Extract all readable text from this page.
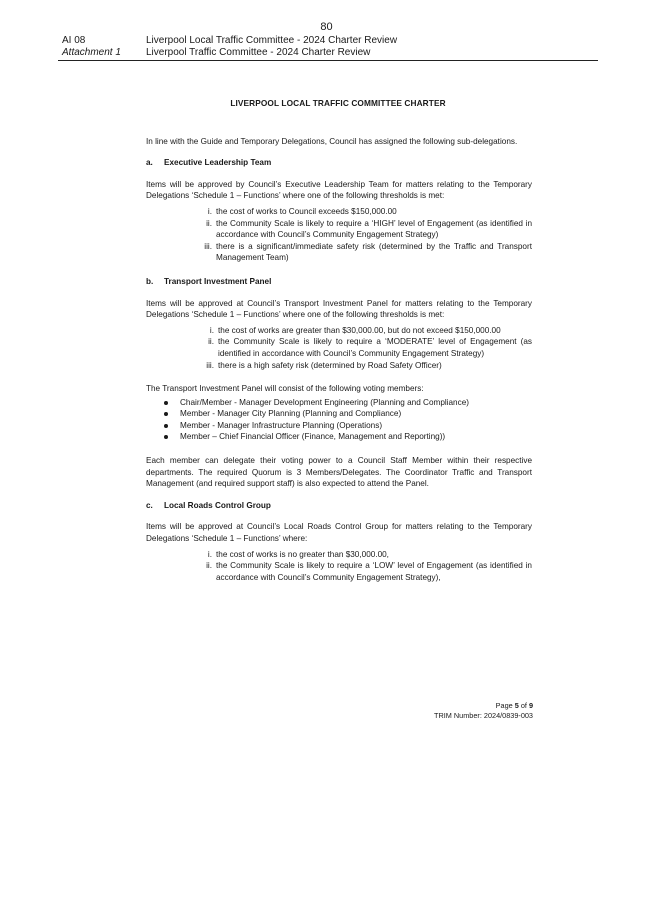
80
AI 08	Liverpool Local Traffic Committee - 2024 Charter Review
Attachment 1	Liverpool Traffic Committee - 2024 Charter Review
LIVERPOOL LOCAL TRAFFIC COMMITTEE CHARTER

In line with the Guide and Temporary Delegations, Council has assigned the following sub-delegations.

a. Executive Leadership Team

Items will be approved by Council’s Executive Leadership Team for matters relating to the Temporary Delegations ‘Schedule 1 – Functions’ where one of the following thresholds is met:

i. the cost of works to Council exceeds $150,000.00
ii. the Community Scale is likely to require a ‘HIGH’ level of Engagement (as identified in accordance with Council’s Community Engagement Strategy)
iii. there is a significant/immediate safety risk (determined by the Traffic and Transport Management Team)
b. Transport Investment Panel

Items will be approved at Council’s Transport Investment Panel for matters relating to the Temporary Delegations ‘Schedule 1 – Functions’ where one of the following thresholds is met:

i. the cost of works are greater than $30,000.00, but do not exceed $150,000.00
ii. the Community Scale is likely to require a ‘MODERATE’ level of Engagement (as identified in accordance with Council’s Community Engagement Strategy)
iii. there is a high safety risk (determined by Road Safety Officer)

The Transport Investment Panel will consist of the following voting members:

Chair/Member - Manager Development Engineering (Planning and Compliance)
Member - Manager City Planning (Planning and Compliance)
Member - Manager Infrastructure Planning (Operations)
Member – Chief Financial Officer (Finance, Management and Reporting))

Each member can delegate their voting power to a Council Staff Member within their respective departments. The required Quorum is 3 Members/Delegates. The Coordinator Traffic and Transport Management (and required support staff) is also expected to attend the Panel.

c. Local Roads Control Group

Items will be approved at Council’s Local Roads Control Group for matters relating to the Temporary Delegations ‘Schedule 1 – Functions’ where:

i. the cost of works is no greater than $30,000.00,
ii. the Community Scale is likely to require a ‘LOW’ level of Engagement (as identified in accordance with Council’s Community Engagement Strategy),
Page 5 of 9
TRIM Number: 2024/0839-003
